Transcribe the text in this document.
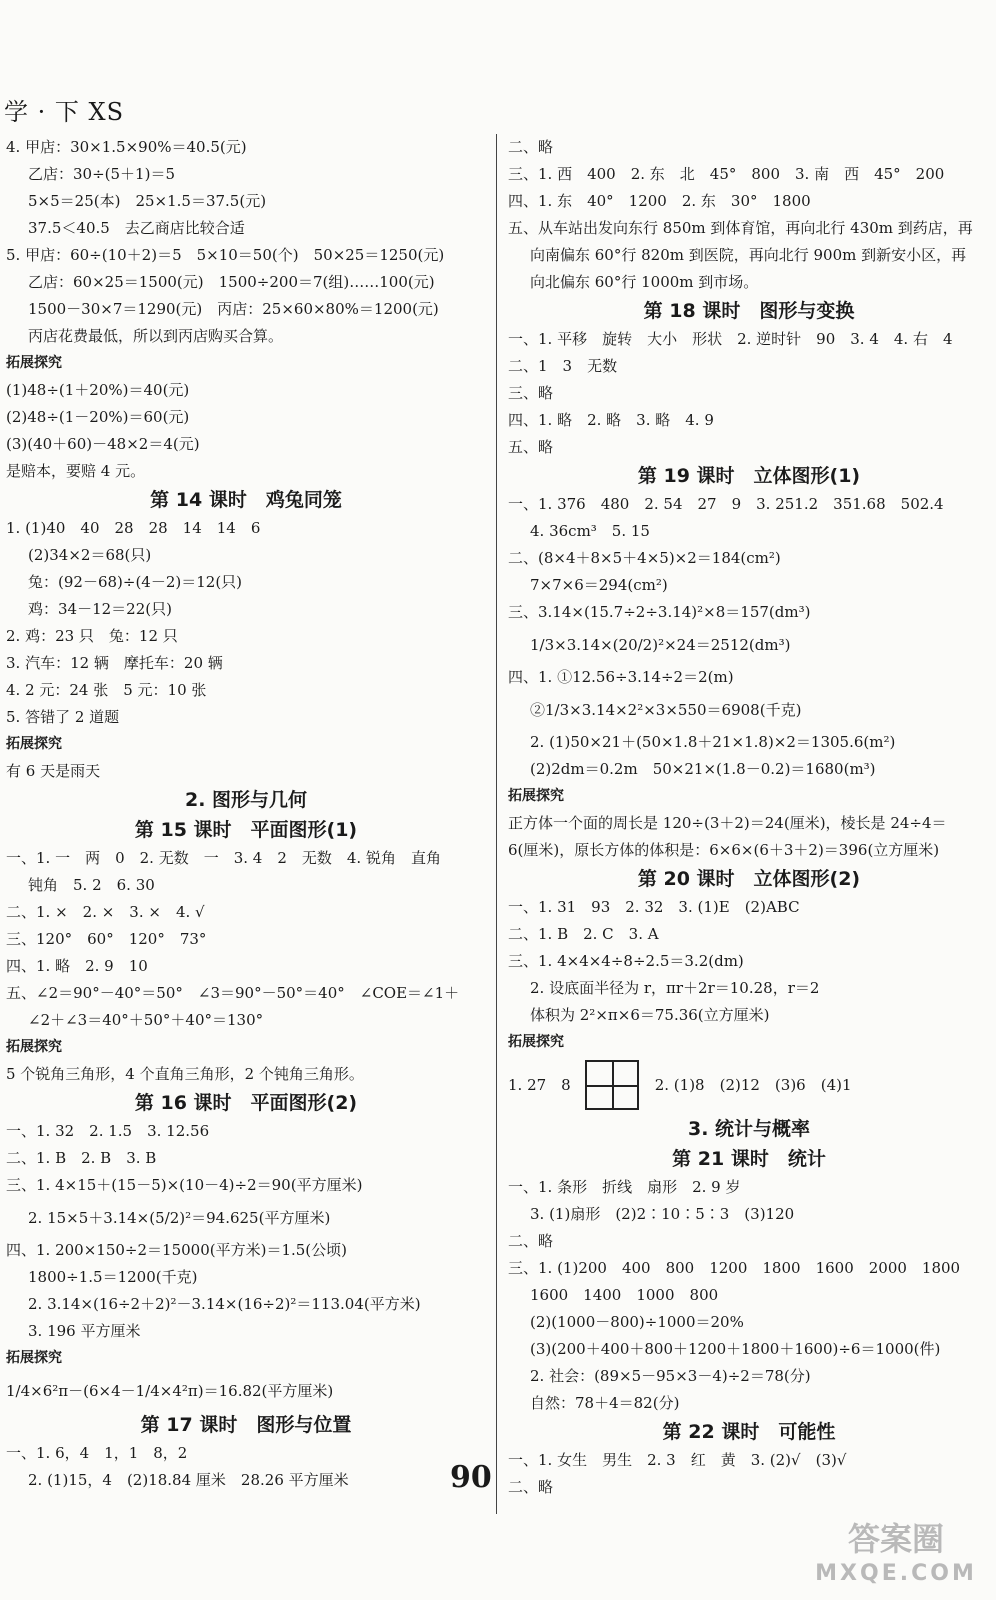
学 · 下 XS
4. 甲店：30×1.5×90%＝40.5(元)
乙店：30÷(5＋1)＝5
5×5＝25(本)　25×1.5＝37.5(元)
37.5＜40.5　去乙商店比较合适
5. 甲店：60÷(10＋2)＝5　5×10＝50(个)　50×25＝1250(元)
乙店：60×25＝1500(元)　1500÷200＝7(组)……100(元)
1500－30×7＝1290(元)　丙店：25×60×80%＝1200(元)
丙店花费最低，所以到丙店购买合算。
拓展探究
(1)48÷(1＋20%)＝40(元)
(2)48÷(1－20%)＝60(元)
(3)(40＋60)－48×2＝4(元)
是赔本，要赔 4 元。
第 14 课时　鸡兔同笼
1. (1)40　40　28　28　14　14　6
(2)34×2＝68(只)
兔：(92－68)÷(4－2)＝12(只)
鸡：34－12＝22(只)
2. 鸡：23 只　兔：12 只
3. 汽车：12 辆　摩托车：20 辆
4. 2 元：24 张　5 元：10 张
5. 答错了 2 道题
拓展探究
有 6 天是雨天
2. 图形与几何
第 15 课时　平面图形(1)
一、1. 一　两　0　2. 无数　一　3. 4　2　无数　4. 锐角　直角
钝角　5. 2　6. 30
二、1. ×　2. ×　3. ×　4. √
三、120°　60°　120°　73°
四、1. 略　2. 9　10
五、∠2＝90°－40°＝50°　∠3＝90°－50°＝40°　∠COE＝∠1＋
∠2＋∠3＝40°＋50°＋40°＝130°
拓展探究
5 个锐角三角形，4 个直角三角形，2 个钝角三角形。
第 16 课时　平面图形(2)
一、1. 32　2. 1.5　3. 12.56
二、1. B　2. B　3. B
三、1. 4×15＋(15－5)×(10－4)÷2＝90(平方厘米)
2. 15×5＋3.14×(5/2)²＝94.625(平方厘米)
四、1. 200×150÷2＝15000(平方米)＝1.5(公顷)
1800÷1.5＝1200(千克)
2. 3.14×(16÷2＋2)²－3.14×(16÷2)²＝113.04(平方米)
3. 196 平方厘米
拓展探究
1/4×6²π－(6×4－1/4×4²π)＝16.82(平方厘米)
第 17 课时　图形与位置
一、1. 6，4　1，1　8，2
2. (1)15，4　(2)18.84 厘米　28.26 平方厘米
二、略
三、1. 西　400　2. 东　北　45°　800　3. 南　西　45°　200
四、1. 东　40°　1200　2. 东　30°　1800
五、从车站出发向东行 850m 到体育馆，再向北行 430m 到药店，再
向南偏东 60°行 820m 到医院，再向北行 900m 到新安小区，再
向北偏东 60°行 1000m 到市场。
第 18 课时　图形与变换
一、1. 平移　旋转　大小　形状　2. 逆时针　90　3. 4　4. 右　4
二、1　3　无数
三、略
四、1. 略　2. 略　3. 略　4. 9
五、略
第 19 课时　立体图形(1)
一、1. 376　480　2. 54　27　9　3. 251.2　351.68　502.4
4. 36cm³　5. 15
二、(8×4＋8×5＋4×5)×2＝184(cm²)
7×7×6＝294(cm²)
三、3.14×(15.7÷2÷3.14)²×8＝157(dm³)
1/3×3.14×(20/2)²×24＝2512(dm³)
四、1. ①12.56÷3.14÷2＝2(m)
②1/3×3.14×2²×3×550＝6908(千克)
2. (1)50×21＋(50×1.8＋21×1.8)×2＝1305.6(m²)
(2)2dm＝0.2m　50×21×(1.8－0.2)＝1680(m³)
拓展探究
正方体一个面的周长是 120÷(3＋2)＝24(厘米)，棱长是 24÷4＝
6(厘米)，原长方体的体积是：6×6×(6＋3＋2)＝396(立方厘米)
第 20 课时　立体图形(2)
一、1. 31　93　2. 32　3. (1)E　(2)ABC
二、1. B　2. C　3. A
三、1. 4×4×4÷8÷2.5＝3.2(dm)
2. 设底面半径为 r，πr＋2r＝10.28，r＝2
体积为 2²×π×6＝75.36(立方厘米)
拓展探究
1. 27　8	2. (1)8　(2)12　(3)6　(4)1
3. 统计与概率
第 21 课时　统计
一、1. 条形　折线　扇形　2. 9 岁
3. (1)扇形　(2)2∶10∶5∶3　(3)120
二、略
三、1. (1)200　400　800　1200　1800　1600　2000　1800
1600　1400　1000　800
(2)(1000－800)÷1000＝20%
(3)(200＋400＋800＋1200＋1800＋1600)÷6＝1000(件)
2. 社会：(89×5－95×3－4)÷2＝78(分)
自然：78＋4＝82(分)
第 22 课时　可能性
一、1. 女生　男生　2. 3　红　黄　3. (2)√　(3)√
二、略
90
答案圈
MXQE.COM
